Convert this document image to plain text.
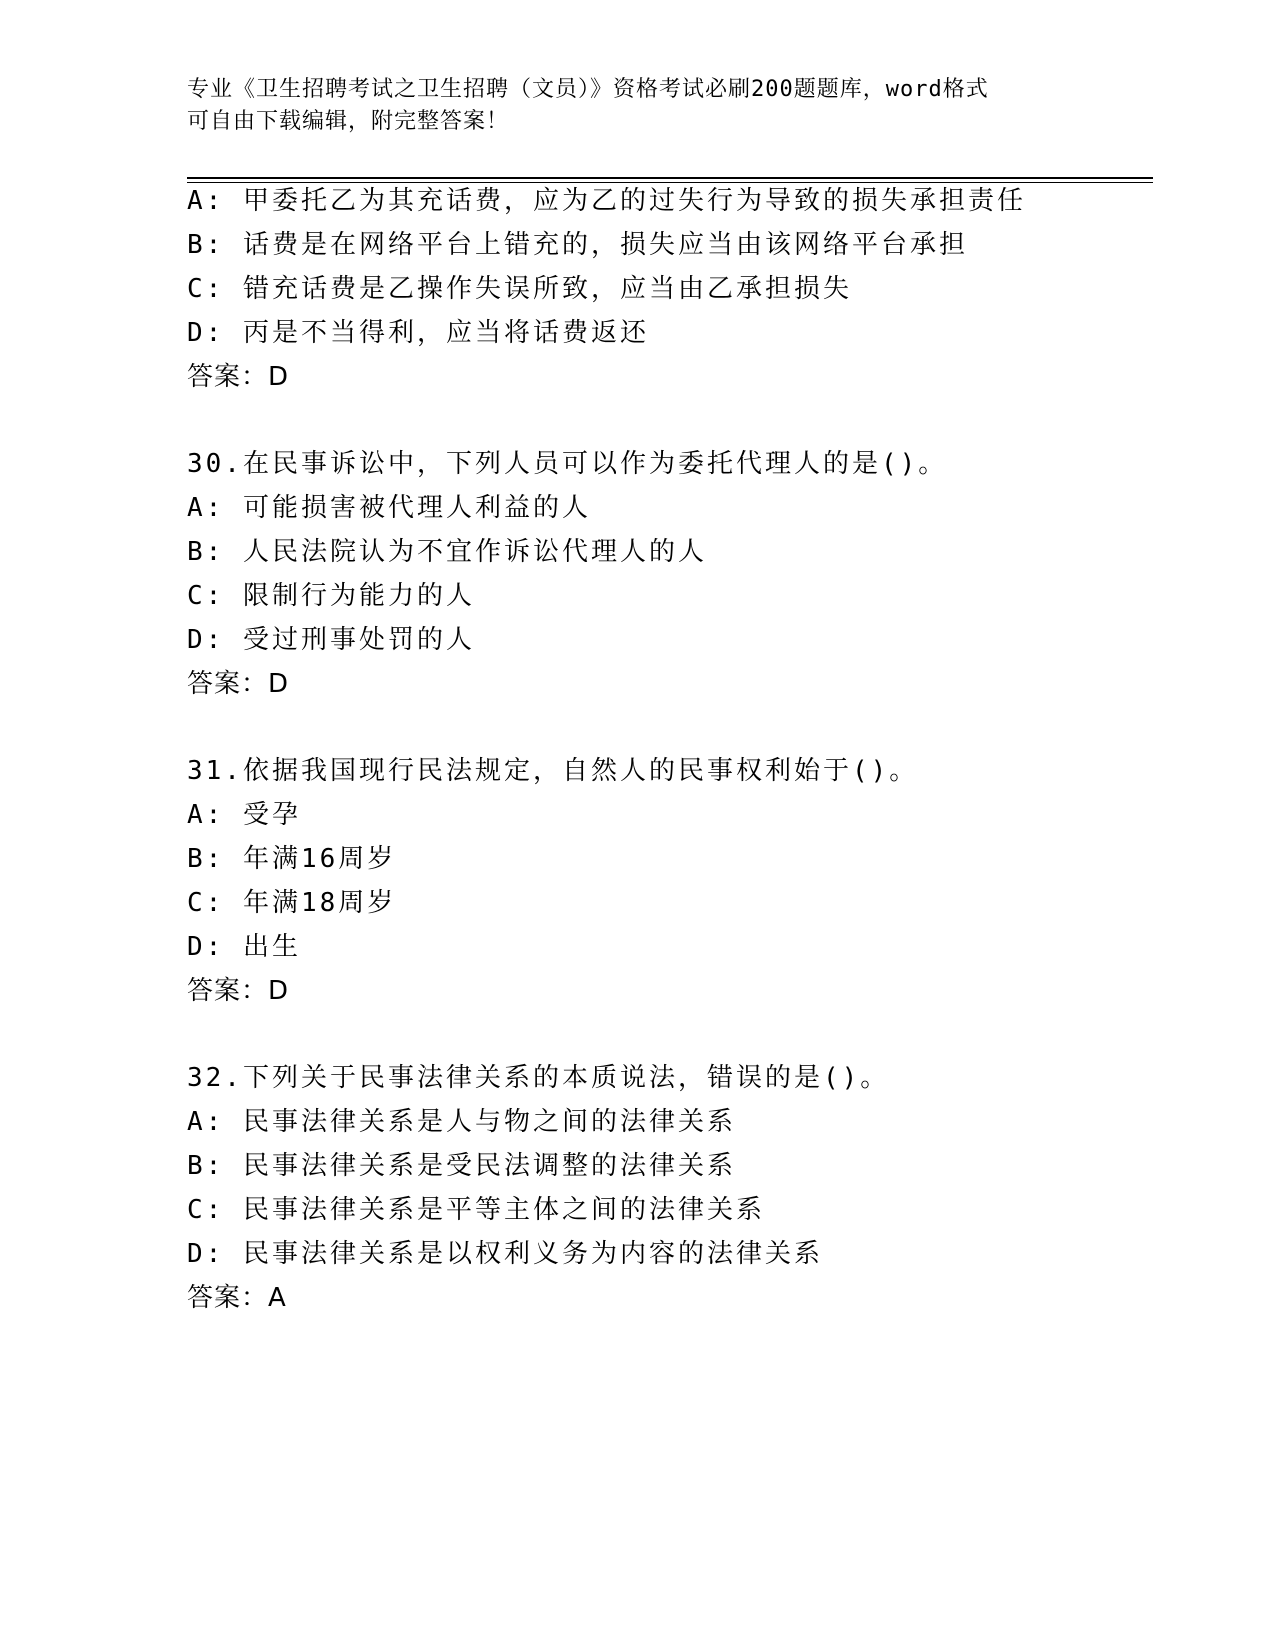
专业《卫生招聘考试之卫生招聘（文员）》资格考试必刷200题题库，word格式
可自由下载编辑，附完整答案！
A: 甲委托乙为其充话费，应为乙的过失行为导致的损失承担责任
B: 话费是在网络平台上错充的，损失应当由该网络平台承担
C: 错充话费是乙操作失误所致，应当由乙承担损失
D: 丙是不当得利，应当将话费返还
答案：D
30.在民事诉讼中，下列人员可以作为委托代理人的是()。
A: 可能损害被代理人利益的人
B: 人民法院认为不宜作诉讼代理人的人
C: 限制行为能力的人
D: 受过刑事处罚的人
答案：D
31.依据我国现行民法规定，自然人的民事权利始于()。
A: 受孕
B: 年满16周岁
C: 年满18周岁
D: 出生
答案：D
32.下列关于民事法律关系的本质说法，错误的是()。
A: 民事法律关系是人与物之间的法律关系
B: 民事法律关系是受民法调整的法律关系
C: 民事法律关系是平等主体之间的法律关系
D: 民事法律关系是以权利义务为内容的法律关系
答案：A
